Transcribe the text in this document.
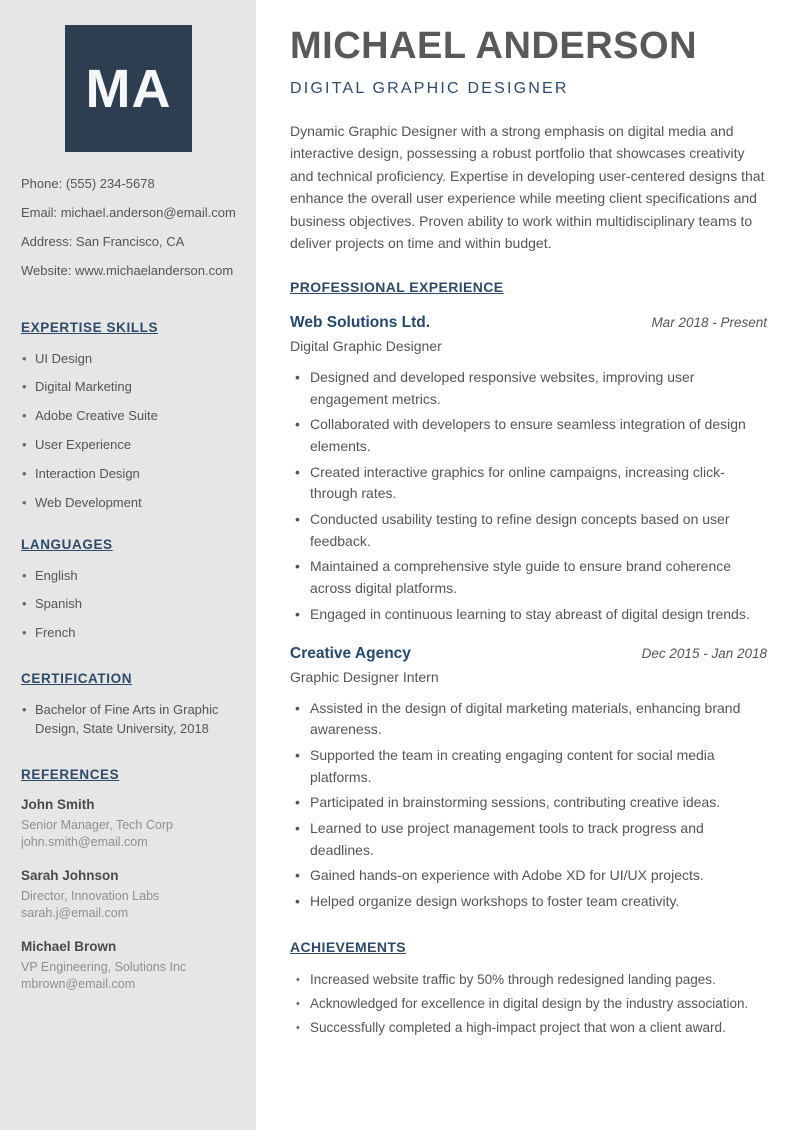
MA

Phone: (555) 234-5678

Email: michael.anderson@email.com

Address: San Francisco, CA

Website: www.michaelanderson.com

EXPERTISE SKILLS
• UI Design
• Digital Marketing
• Adobe Creative Suite
• User Experience
• Interaction Design
• Web Development
LANGUAGES
• English
• Spanish
• French
CERTIFICATION
• Bachelor of Fine Arts in Graphic Design, State University, 2018
REFERENCES

John Smith

Senior Manager, Tech Corp

john.smith@email.com

Sarah Johnson

Director, Innovation Labs

sarah.j@email.com

Michael Brown

VP Engineering, Solutions Inc

mbrown@email.com

MICHAEL ANDERSON
DIGITAL GRAPHIC DESIGNER

Dynamic Graphic Designer with a strong emphasis on digital media and interactive design, possessing a robust portfolio that showcases creativity and technical proficiency. Expertise in developing user-centered designs that enhance the overall user experience while meeting client specifications and business objectives. Proven ability to work within multidisciplinary teams to deliver projects on time and within budget.

PROFESSIONAL EXPERIENCE
Web Solutions Ltd.	Mar 2018 - Present
Digital Graphic Designer
• Designed and developed responsive websites, improving user engagement metrics.
• Collaborated with developers to ensure seamless integration of design elements.
• Created interactive graphics for online campaigns, increasing click-through rates.
• Conducted usability testing to refine design concepts based on user feedback.
• Maintained a comprehensive style guide to ensure brand coherence across digital platforms.
• Engaged in continuous learning to stay abreast of digital design trends.
Creative Agency	Dec 2015 - Jan 2018
Graphic Designer Intern
• Assisted in the design of digital marketing materials, enhancing brand awareness.
• Supported the team in creating engaging content for social media platforms.
• Participated in brainstorming sessions, contributing creative ideas.
• Learned to use project management tools to track progress and deadlines.
• Gained hands-on experience with Adobe XD for UI/UX projects.
• Helped organize design workshops to foster team creativity.
ACHIEVEMENTS
• Increased website traffic by 50% through redesigned landing pages.
• Acknowledged for excellence in digital design by the industry association.
• Successfully completed a high-impact project that won a client award.
